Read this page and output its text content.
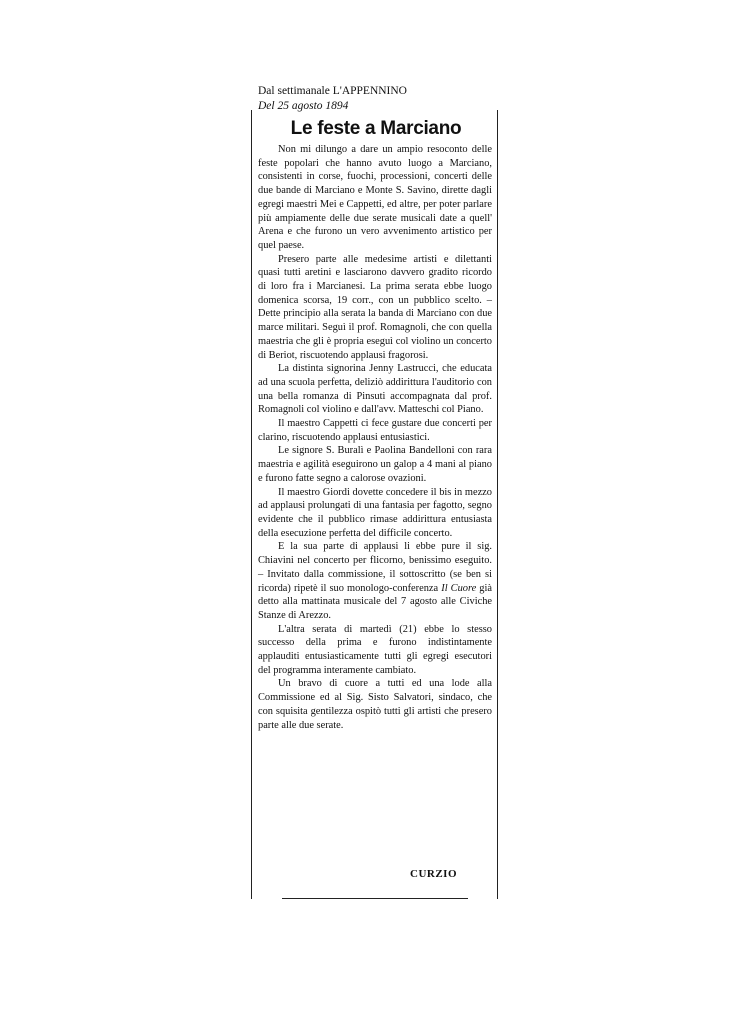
Dal settimanale L'APPENNINO
Del 25 agosto 1894
Le feste a Marciano

Non mi dilungo a dare un ampio resoconto delle feste popolari che hanno avuto luogo a Marciano, consistenti in corse, fuochi, processioni, concerti delle due bande di Marciano e Monte S. Savino, dirette dagli egregi maestri Mei e Cappetti, ed altre, per poter parlare più ampiamente delle due serate musicali date a quell' Arena e che furono un vero avvenimento artistico per quel paese.

Presero parte alle medesime artisti e dilettanti quasi tutti aretini e lasciarono davvero gradito ricordo di loro fra i Marcianesi. La prima serata ebbe luogo domenica scorsa, 19 corr., con un pubblico scelto. – Dette principio alla serata la banda di Marciano con due marce militari. Seguì il prof. Romagnoli, che con quella maestria che gli è propria eseguì col violino un concerto di Beriot, riscuotendo applausi fragorosi.

La distinta signorina Jenny Lastrucci, che educata ad una scuola perfetta, deliziò addirittura l'auditorio con una bella romanza di Pinsuti accompagnata dal prof. Romagnoli col violino e dall'avv. Matteschi col Piano.

Il maestro Cappetti ci fece gustare due concerti per clarino, riscuotendo applausi entusiastici.

Le signore S. Buralì e Paolina Bandelloni con rara maestria e agilità eseguirono un galop a 4 mani al piano e furono fatte segno a calorose ovazioni.

Il maestro Giordi dovette concedere il bis in mezzo ad applausi prolungati di una fantasia per fagotto, segno evidente che il pubblico rimase addirittura entusiasta della esecuzione perfetta del difficile concerto.

E la sua parte di applausi li ebbe pure il sig. Chiavini nel concerto per flicorno, benissimo eseguito. – Invitato dalla commissione, il sottoscritto (se ben si ricorda) ripetè il suo monologo-conferenza Il Cuore già detto alla mattinata musicale del 7 agosto alle Civiche Stanze di Arezzo.

L'altra serata di martedì (21) ebbe lo stesso successo della prima e furono indistintamente applauditi entusiasticamente tutti gli egregi esecutori del programma interamente cambiato.

Un bravo di cuore a tutti ed una lode alla Commissione ed al Sig. Sisto Salvatori, sindaco, che con squisita gentilezza ospitò tutti gli artisti che presero parte alle due serate.

CURZIO
